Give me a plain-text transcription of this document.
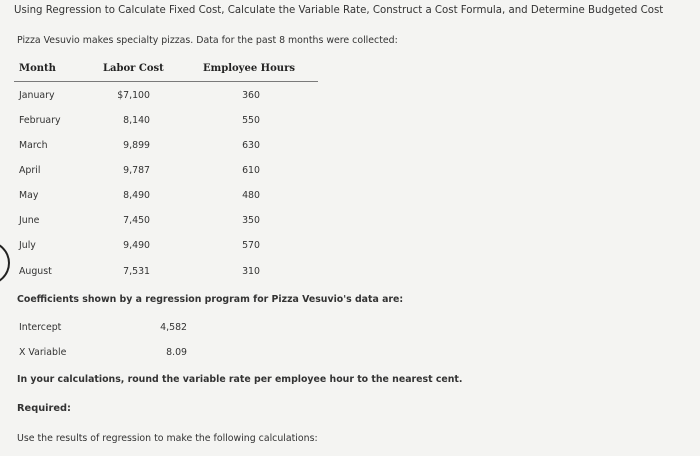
Using Regression to Calculate Fixed Cost, Calculate the Variable Rate, Construct a Cost Formula, and Determine Budgeted Cost
Pizza Vesuvio makes specialty pizzas. Data for the past 8 months were collected:
Month	Labor Cost	Employee Hours
January	$7,100	360
February	8,140	550
March	9,899	630
April	9,787	610
May	8,490	480
June	7,450	350
July	9,490	570
August	7,531	310
Coefficients shown by a regression program for Pizza Vesuvio's data are:
Intercept	4,582
X Variable	8.09
In your calculations, round the variable rate per employee hour to the nearest cent.
Required:
Use the results of regression to make the following calculations:
